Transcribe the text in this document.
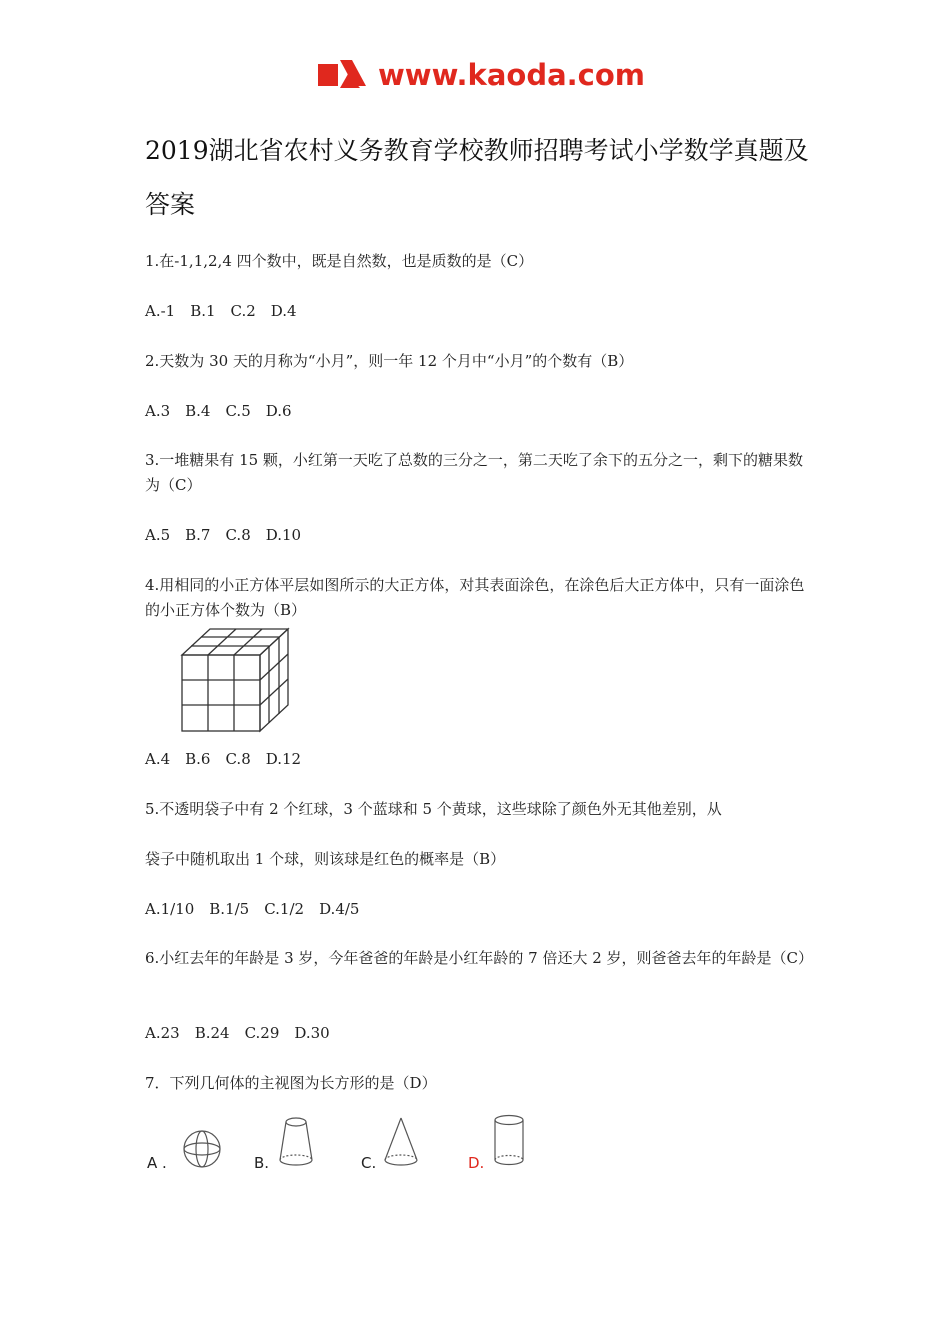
www.kaoda.com
2019湖北省农村义务教育学校教师招聘考试小学数学真题及答案

1.在-1,1,2,4 四个数中，既是自然数，也是质数的是（C）

A.-1　B.1　C.2　D.4

2.天数为 30 天的月称为“小月”，则一年 12 个月中“小月”的个数有（B）

A.3　B.4　C.5　D.6

3.一堆糖果有 15 颗，小红第一天吃了总数的三分之一，第二天吃了余下的五分之一，剩下的糖果数为（C）

A.5　B.7　C.8　D.10

4.用相同的小正方体平层如图所示的大正方体，对其表面涂色，在涂色后大正方体中，只有一面涂色的小正方体个数为（B）

A.4　B.6　C.8　D.12

5.不透明袋子中有 2 个红球，3 个蓝球和 5 个黄球，这些球除了颜色外无其他差别，从

袋子中随机取出 1 个球，则该球是红色的概率是（B）

A.1/10　B.1/5　C.1/2　D.4/5

6.小红去年的年龄是 3 岁，今年爸爸的年龄是小红年龄的 7 倍还大 2 岁，则爸爸去年的年龄是（C）

A.23　B.24　C.29　D.30

7．下列几何体的主视图为长方形的是（D）

A .	B.	C.	D.
